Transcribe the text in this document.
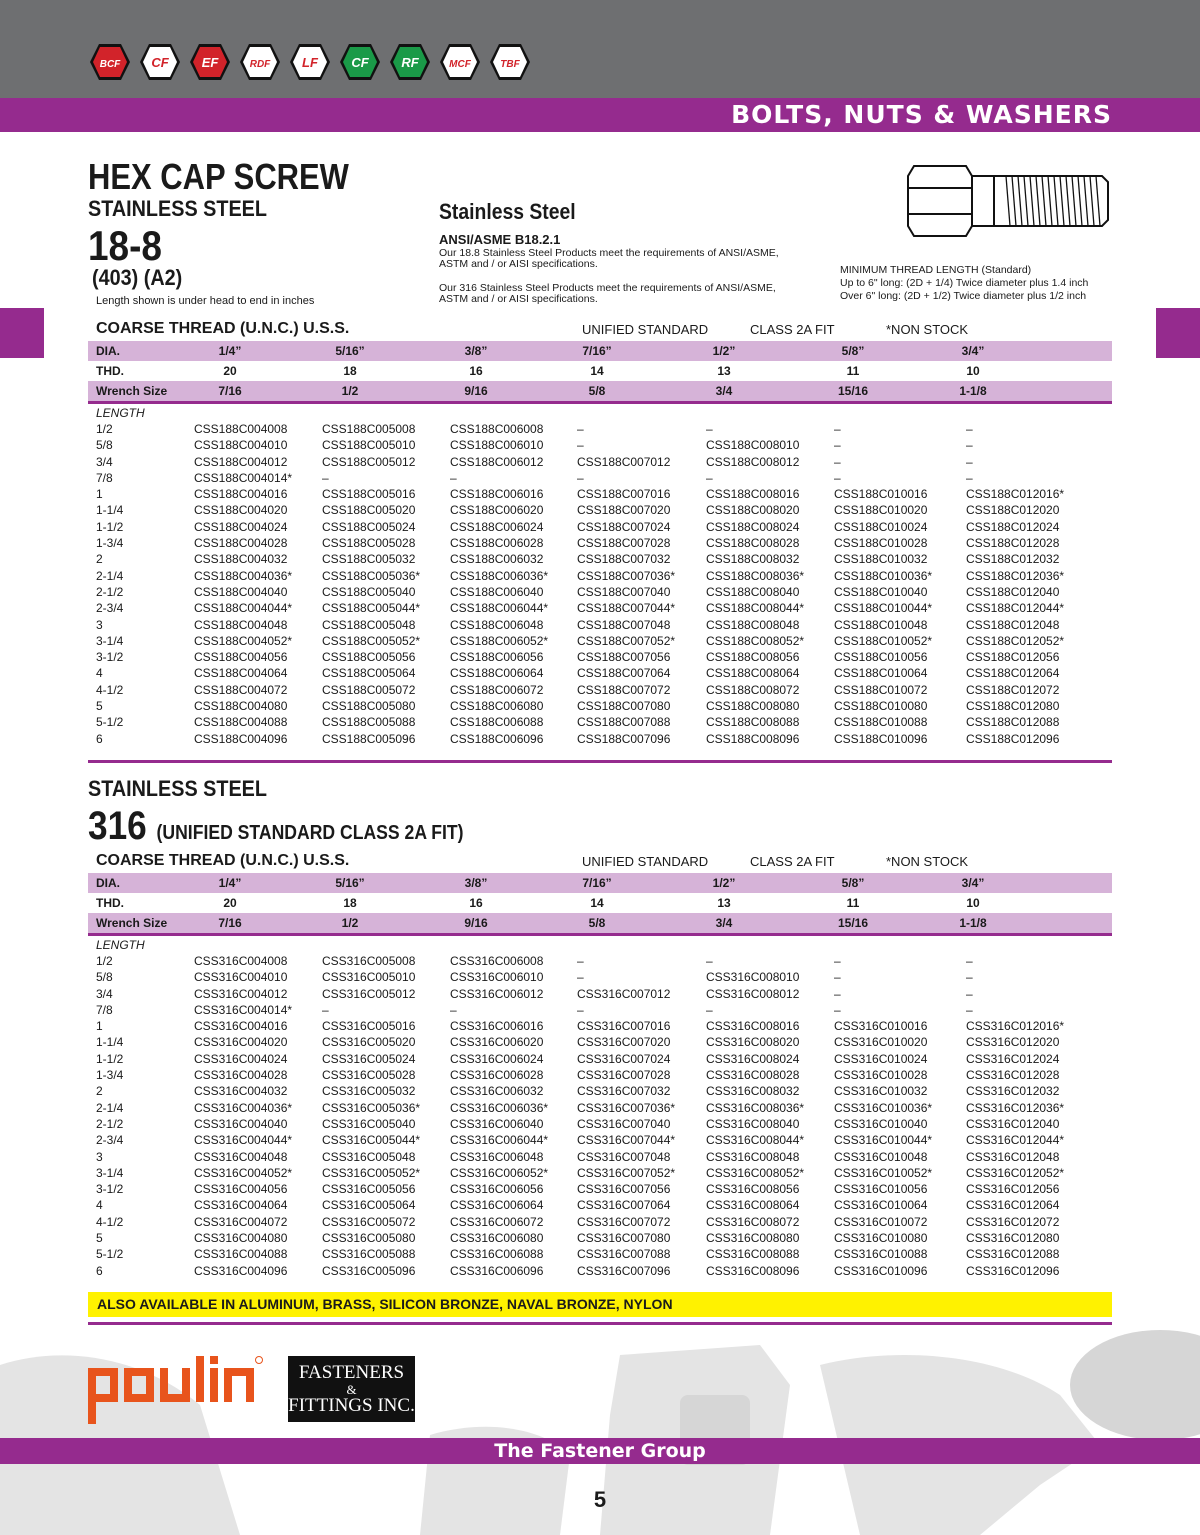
BCF CF	EF	RDF LF	CF	RF	MCF	TBF
BOLTS, NUTS & WASHERS
HEX CAP SCREW
STAINLESS STEEL
18-8
(403) (A2)
Length shown is under head to end in inches
Stainless Steel
ANSI/ASME B18.2.1
Our 18.8 Stainless Steel Products meet the requirements of ANSI/ASME, ASTM and / or AISI specifications.
Our 316 Stainless Steel Products meet the requirements of ANSI/ASME, ASTM and / or AISI specifications.
MINIMUM THREAD LENGTH (Standard)
Up to 6" long: (2D + 1/4) Twice diameter plus 1.4 inch
Over 6" long: (2D + 1/2) Twice diameter plus 1/2 inch
COARSE THREAD (U.N.C.) U.S.S.	UNIFIED STANDARD	CLASS 2A FIT	*NON STOCK
DIA.	1/4”	5/16”	3/8”	7/16”	1/2”	5/8”	3/4”
THD.	20	18	16	14	13	11	10
Wrench Size	7/16	1/2	9/16	5/8	3/4	15/16	1-1/8
LENGTH
1/2	CSS188C004008	CSS188C005008	CSS188C006008	–	–	–	–
5/8	CSS188C004010	CSS188C005010	CSS188C006010	–	CSS188C008010	–	–
3/4	CSS188C004012	CSS188C005012	CSS188C006012	CSS188C007012	CSS188C008012	–	–
7/8	CSS188C004014* –	–	–	–	–	–
1	CSS188C004016	CSS188C005016	CSS188C006016	CSS188C007016	CSS188C008016	CSS188C010016	CSS188C012016*
1-1/4	CSS188C004020	CSS188C005020	CSS188C006020	CSS188C007020	CSS188C008020	CSS188C010020	CSS188C012020
1-1/2	CSS188C004024	CSS188C005024	CSS188C006024	CSS188C007024	CSS188C008024	CSS188C010024	CSS188C012024
1-3/4	CSS188C004028	CSS188C005028	CSS188C006028	CSS188C007028	CSS188C008028	CSS188C010028	CSS188C012028
2	CSS188C004032	CSS188C005032	CSS188C006032	CSS188C007032	CSS188C008032	CSS188C010032	CSS188C012032
2-1/4	CSS188C004036* CSS188C005036* CSS188C006036* CSS188C007036*	CSS188C008036* CSS188C010036*	CSS188C012036*
2-1/2	CSS188C004040	CSS188C005040	CSS188C006040	CSS188C007040	CSS188C008040	CSS188C010040	CSS188C012040
2-3/4	CSS188C004044* CSS188C005044* CSS188C006044* CSS188C007044*	CSS188C008044* CSS188C010044*	CSS188C012044*
3	CSS188C004048	CSS188C005048	CSS188C006048	CSS188C007048	CSS188C008048	CSS188C010048	CSS188C012048
3-1/4	CSS188C004052* CSS188C005052* CSS188C006052* CSS188C007052*	CSS188C008052* CSS188C010052*	CSS188C012052*
3-1/2	CSS188C004056	CSS188C005056	CSS188C006056	CSS188C007056	CSS188C008056	CSS188C010056	CSS188C012056
4	CSS188C004064	CSS188C005064	CSS188C006064	CSS188C007064	CSS188C008064	CSS188C010064	CSS188C012064
4-1/2	CSS188C004072	CSS188C005072	CSS188C006072	CSS188C007072	CSS188C008072	CSS188C010072	CSS188C012072
5	CSS188C004080	CSS188C005080	CSS188C006080	CSS188C007080	CSS188C008080	CSS188C010080	CSS188C012080
5-1/2	CSS188C004088	CSS188C005088	CSS188C006088	CSS188C007088	CSS188C008088	CSS188C010088	CSS188C012088
6	CSS188C004096	CSS188C005096	CSS188C006096	CSS188C007096	CSS188C008096	CSS188C010096	CSS188C012096
STAINLESS STEEL
316 (UNIFIED STANDARD CLASS 2A FIT)
COARSE THREAD (U.N.C.) U.S.S.	UNIFIED STANDARD	CLASS 2A FIT	*NON STOCK
DIA.	1/4”	5/16”	3/8”	7/16”	1/2”	5/8”	3/4”
THD.	20	18	16	14	13	11	10
Wrench Size	7/16	1/2	9/16	5/8	3/4	15/16	1-1/8
LENGTH
1/2	CSS316C004008	CSS316C005008	CSS316C006008	–	–	–	–
5/8	CSS316C004010	CSS316C005010	CSS316C006010	–	CSS316C008010	–	–
3/4	CSS316C004012	CSS316C005012	CSS316C006012	CSS316C007012	CSS316C008012	–	–
7/8	CSS316C004014* –	–	–	–	–	–
1	CSS316C004016	CSS316C005016	CSS316C006016	CSS316C007016	CSS316C008016	CSS316C010016	CSS316C012016*
1-1/4	CSS316C004020	CSS316C005020	CSS316C006020	CSS316C007020	CSS316C008020	CSS316C010020	CSS316C012020
1-1/2	CSS316C004024	CSS316C005024	CSS316C006024	CSS316C007024	CSS316C008024	CSS316C010024	CSS316C012024
1-3/4	CSS316C004028	CSS316C005028	CSS316C006028	CSS316C007028	CSS316C008028	CSS316C010028	CSS316C012028
2	CSS316C004032	CSS316C005032	CSS316C006032	CSS316C007032	CSS316C008032	CSS316C010032	CSS316C012032
2-1/4	CSS316C004036* CSS316C005036* CSS316C006036* CSS316C007036*	CSS316C008036* CSS316C010036*	CSS316C012036*
2-1/2	CSS316C004040	CSS316C005040	CSS316C006040	CSS316C007040	CSS316C008040	CSS316C010040	CSS316C012040
2-3/4	CSS316C004044* CSS316C005044* CSS316C006044* CSS316C007044*	CSS316C008044* CSS316C010044*	CSS316C012044*
3	CSS316C004048	CSS316C005048	CSS316C006048	CSS316C007048	CSS316C008048	CSS316C010048	CSS316C012048
3-1/4	CSS316C004052* CSS316C005052* CSS316C006052* CSS316C007052*	CSS316C008052* CSS316C010052*	CSS316C012052*
3-1/2	CSS316C004056	CSS316C005056	CSS316C006056	CSS316C007056	CSS316C008056	CSS316C010056	CSS316C012056
4	CSS316C004064	CSS316C005064	CSS316C006064	CSS316C007064	CSS316C008064	CSS316C010064	CSS316C012064
4-1/2	CSS316C004072	CSS316C005072	CSS316C006072	CSS316C007072	CSS316C008072	CSS316C010072	CSS316C012072
5	CSS316C004080	CSS316C005080	CSS316C006080	CSS316C007080	CSS316C008080	CSS316C010080	CSS316C012080
5-1/2	CSS316C004088	CSS316C005088	CSS316C006088	CSS316C007088	CSS316C008088	CSS316C010088	CSS316C012088
6	CSS316C004096	CSS316C005096	CSS316C006096	CSS316C007096	CSS316C008096	CSS316C010096	CSS316C012096
ALSO AVAILABLE IN ALUMINUM, BRASS, SILICON BRONZE, NAVAL BRONZE, NYLON
FASTENERS
&
FITTINGS INC.
The Fastener Group
5
